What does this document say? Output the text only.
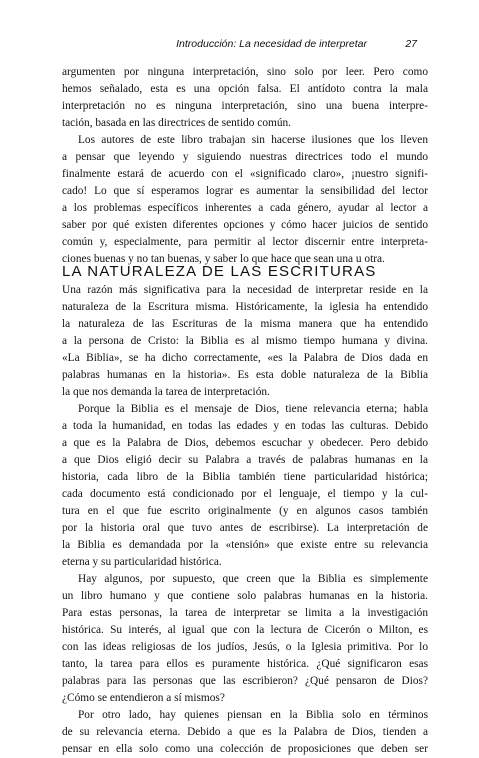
Introducción: La necesidad de interpretar	27
argumenten por ninguna interpretación, sino solo por leer. Pero como
hemos señalado, esta es una opción falsa. El antídoto contra la mala
interpretación no es ninguna interpretación, sino una buena interpre-
tación, basada en las directrices de sentido común.
Los autores de este libro trabajan sin hacerse ilusiones que los lleven
a pensar que leyendo y siguiendo nuestras directrices todo el mundo
finalmente estará de acuerdo con el «significado claro», ¡nuestro signifi-
cado! Lo que sí esperamos lograr es aumentar la sensibilidad del lector
a los problemas específicos inherentes a cada género, ayudar al lector a
saber por qué existen diferentes opciones y cómo hacer juicios de sentido
común y, especialmente, para permitir al lector discernir entre interpreta-
ciones buenas y no tan buenas, y saber lo que hace que sean una u otra.
LA NATURALEZA DE LAS ESCRITURAS
Una razón más significativa para la necesidad de interpretar reside en la
naturaleza de la Escritura misma. Históricamente, la iglesia ha entendido
la naturaleza de las Escrituras de la misma manera que ha entendido
a la persona de Cristo: la Biblia es al mismo tiempo humana y divina.
«La Biblia», se ha dicho correctamente, «es la Palabra de Dios dada en
palabras humanas en la historia». Es esta doble naturaleza de la Biblia
la que nos demanda la tarea de interpretación.
Porque la Biblia es el mensaje de Dios, tiene relevancia eterna; habla
a toda la humanidad, en todas las edades y en todas las culturas. Debido
a que es la Palabra de Dios, debemos escuchar y obedecer. Pero debido
a que Dios eligió decir su Palabra a través de palabras humanas en la
historia, cada libro de la Biblia también tiene particularidad histórica;
cada documento está condicionado por el lenguaje, el tiempo y la cul-
tura en el que fue escrito originalmente (y en algunos casos también
por la historia oral que tuvo antes de escribirse). La interpretación de
la Biblia es demandada por la «tensión» que existe entre su relevancia
eterna y su particularidad histórica.
Hay algunos, por supuesto, que creen que la Biblia es simplemente
un libro humano y que contiene solo palabras humanas en la historia.
Para estas personas, la tarea de interpretar se limita a la investigación
histórica. Su interés, al igual que con la lectura de Cicerón o Milton, es
con las ideas religiosas de los judíos, Jesús, o la Iglesia primitiva. Por lo
tanto, la tarea para ellos es puramente histórica. ¿Qué significaron esas
palabras para las personas que las escribieron? ¿Qué pensaron de Dios?
¿Cómo se entendieron a sí mismos?
Por otro lado, hay quienes piensan en la Biblia solo en términos
de su relevancia eterna. Debido a que es la Palabra de Dios, tienden a
pensar en ella solo como una colección de proposiciones que deben ser
